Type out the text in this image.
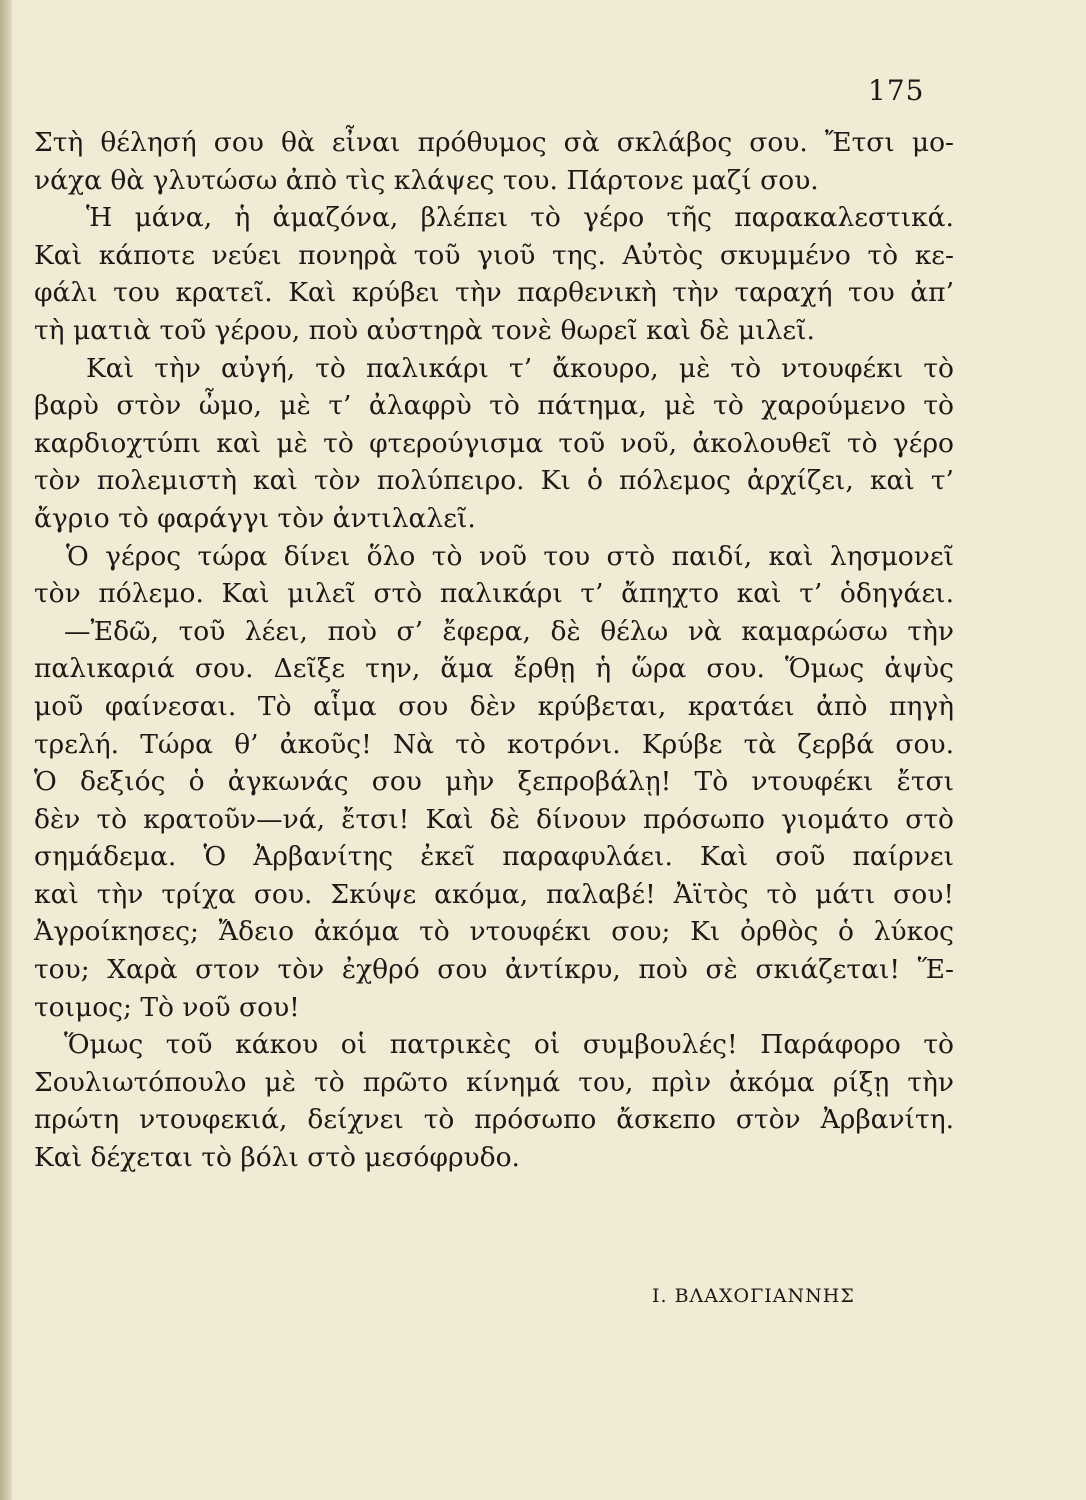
175
Στὴ θέλησή σου θὰ εἶναι πρόθυμος σὰ σκλάβος σου. Ἔτσι μο-
νάχα θὰ γλυτώσω ἀπὸ τὶς κλάψες του. Πάρτονε μαζί σου.
Ἡ μάνα, ἡ ἀμαζόνα, βλέπει τὸ γέρο τῆς παρακαλεστικά.
Καὶ κάποτε νεύει πονηρὰ τοῦ γιοῦ της. Αὐτὸς σκυμμένο τὸ κε-
φάλι του κρατεῖ. Καὶ κρύβει τὴν παρθενικὴ τὴν ταραχή του ἀπ’
τὴ ματιὰ τοῦ γέρου, ποὺ αὐστηρὰ τονὲ θωρεῖ καὶ δὲ μιλεῖ.
Καὶ τὴν αὐγή, τὸ παλικάρι τ’ ἄκουρο, μὲ τὸ ντουφέκι τὸ
βαρὺ στὸν ὦμο, μὲ τ’ ἀλαφρὺ τὸ πάτημα, μὲ τὸ χαρούμενο τὸ
καρδιοχτύπι καὶ μὲ τὸ φτερούγισμα τοῦ νοῦ, ἀκολουθεῖ τὸ γέρο
τὸν πολεμιστὴ καὶ τὸν πολύπειρο. Κι ὁ πόλεμος ἀρχίζει, καὶ τ’
ἄγριο τὸ φαράγγι τὸν ἀντιλαλεῖ.
Ὁ γέρος τώρα δίνει ὅλο τὸ νοῦ του στὸ παιδί, καὶ λησμονεῖ
τὸν πόλεμο. Καὶ μιλεῖ στὸ παλικάρι τ’ ἄπηχτο καὶ τ’ ὁδηγάει.
—Ἐδῶ, τοῦ λέει, ποὺ σ’ ἔφερα, δὲ θέλω νὰ καμαρώσω τὴν
παλικαριά σου. Δεῖξε την, ἅμα ἔρθῃ ἡ ὥρα σου. Ὅμως ἀψὺς
μοῦ φαίνεσαι. Τὸ αἷμα σου δὲν κρύβεται, κρατάει ἀπὸ πηγὴ
τρελή. Τώρα θ’ ἀκοῦς! Νὰ τὸ κοτρόνι. Κρύβε τὰ ζερβά σου.
Ὁ δεξιός ὁ ἀγκωνάς σου μὴν ξεπροβάλῃ! Τὸ ντουφέκι ἔτσι
δὲν τὸ κρατοῦν—νά, ἔτσι! Καὶ δὲ δίνουν πρόσωπο γιομάτο στὸ
σημάδεμα. Ὁ Ἀρβανίτης ἐκεῖ παραφυλάει. Καὶ σοῦ παίρνει
καὶ τὴν τρίχα σου. Σκύψε ακόμα, παλαβέ! Ἀϊτὸς τὸ μάτι σου!
Ἀγροίκησες; Ἄδειο ἀκόμα τὸ ντουφέκι σου; Κι ὀρθὸς ὁ λύκος
του; Χαρὰ στον τὸν ἐχθρό σου ἀντίκρυ, ποὺ σὲ σκιάζεται! Ἕ-
τοιμος; Τὸ νοῦ σου!
Ὅμως τοῦ κάκου οἱ πατρικὲς οἱ συμβουλές! Παράφορο τὸ
Σουλιωτόπουλο μὲ τὸ πρῶτο κίνημά του, πρὶν ἀκόμα ρίξῃ τὴν
πρώτη ντουφεκιά, δείχνει τὸ πρόσωπο ἄσκεπο στὸν Ἀρβανίτη.
Καὶ δέχεται τὸ βόλι στὸ μεσόφρυδο.
Ι. ΒΛΑΧΟΓΙΑΝΝΗΣ
